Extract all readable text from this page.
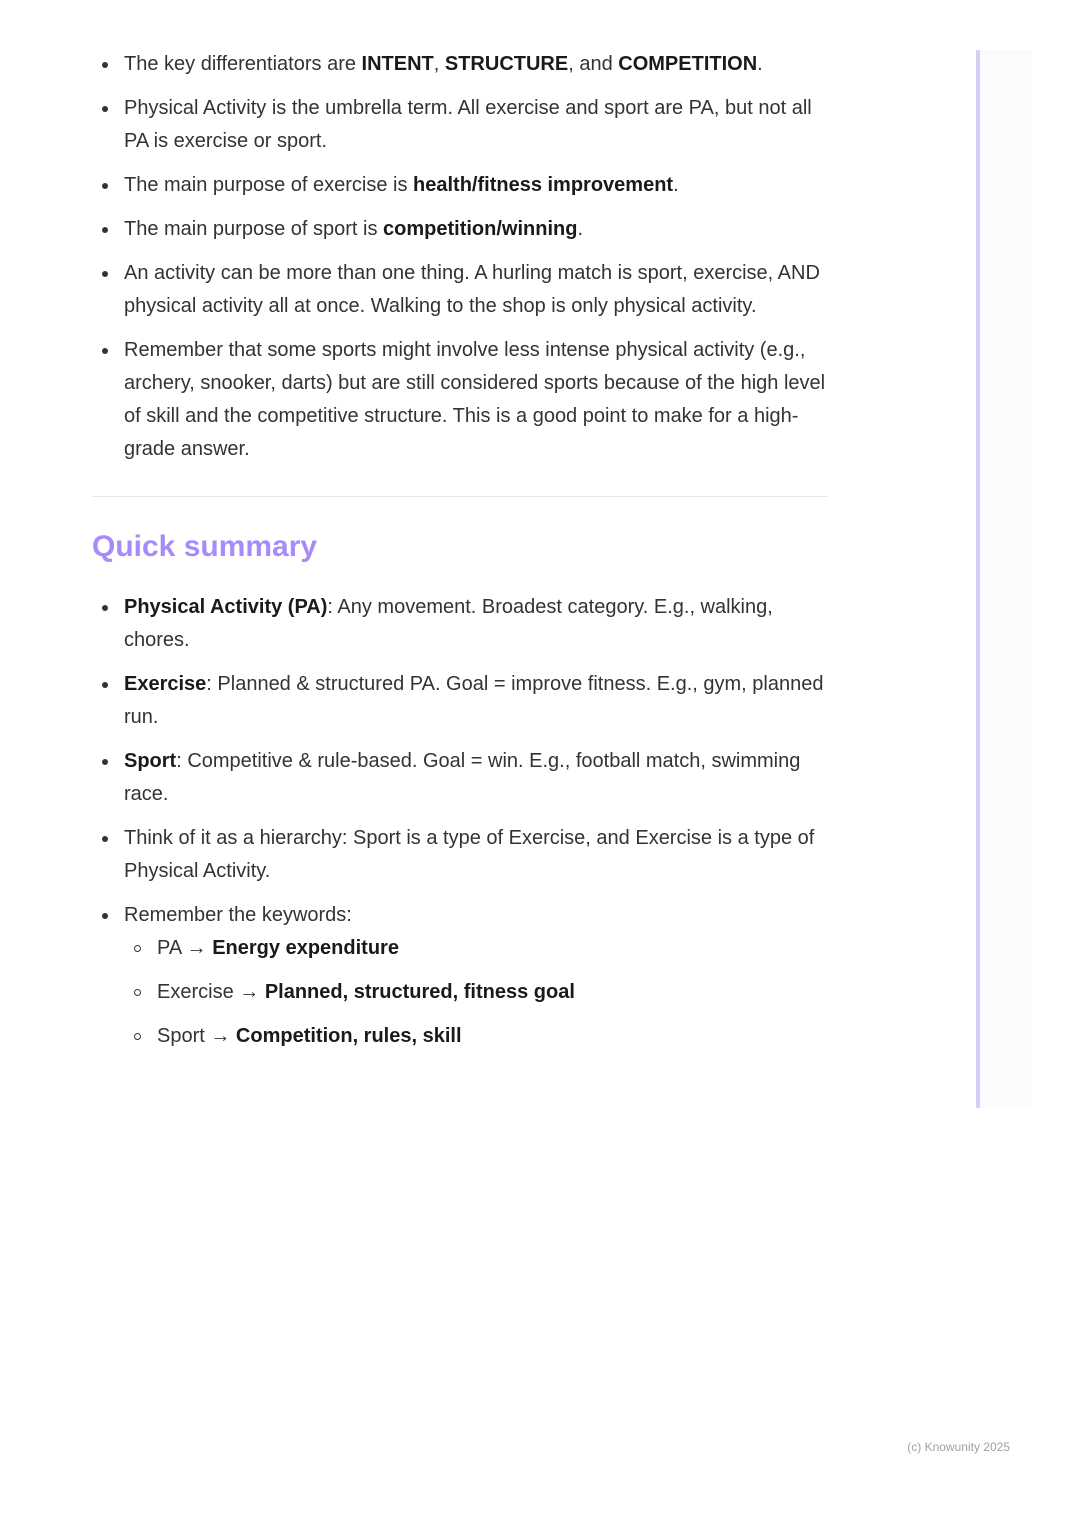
The key differentiators are INTENT, STRUCTURE, and COMPETITION.
Physical Activity is the umbrella term. All exercise and sport are PA, but not all PA is exercise or sport.
The main purpose of exercise is health/fitness improvement.
The main purpose of sport is competition/winning.
An activity can be more than one thing. A hurling match is sport, exercise, AND physical activity all at once. Walking to the shop is only physical activity.
Remember that some sports might involve less intense physical activity (e.g., archery, snooker, darts) but are still considered sports because of the high level of skill and the competitive structure. This is a good point to make for a high-grade answer.
Quick summary
Physical Activity (PA): Any movement. Broadest category. E.g., walking, chores.
Exercise: Planned & structured PA. Goal = improve fitness. E.g., gym, planned run.
Sport: Competitive & rule-based. Goal = win. E.g., football match, swimming race.
Think of it as a hierarchy: Sport is a type of Exercise, and Exercise is a type of Physical Activity.
Remember the keywords:
PA → Energy expenditure
Exercise → Planned, structured, fitness goal
Sport → Competition, rules, skill
(c) Knowunity 2025
